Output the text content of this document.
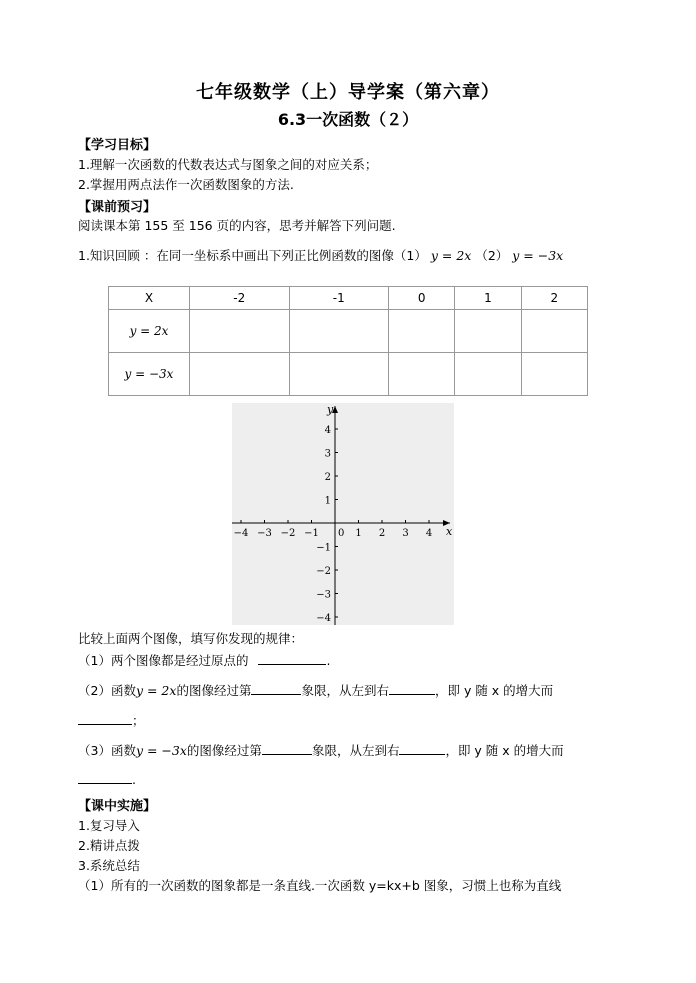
七年级数学（上）导学案（第六章）
6.3一次函数（２）
【学习目标】
1.理解一次函数的代数表达式与图象之间的对应关系；
2.掌握用两点法作一次函数图象的方法.
【课前预习】
阅读课本第 155 至 156 页的内容，思考并解答下列问题.
1.知识回顾 ：在同一坐标系中画出下列正比例函数的图像（1） y = 2x （2） y = −3x
X	-2	-1	0	1	2
y = 2x					
y = −3x					
x
y
0
−4 −3 −2 −1	1 2 3 4
4
3
2
1
−1
−2
−3
−4
比较上面两个图像，填写你发现的规律：
（1）两个图像都是经过原点的	.
（2）函数y = 2x的图像经过第	象限，从左到右	，即 y 随 x 的增大而
；
（3）函数y = −3x的图像经过第	象限，从左到右	，即 y 随 x 的增大而
.
【课中实施】
1.复习导入
2.精讲点拨
3.系统总结
（1）所有的一次函数的图象都是一条直线.一次函数 y=kx+b 图象，习惯上也称为直线
